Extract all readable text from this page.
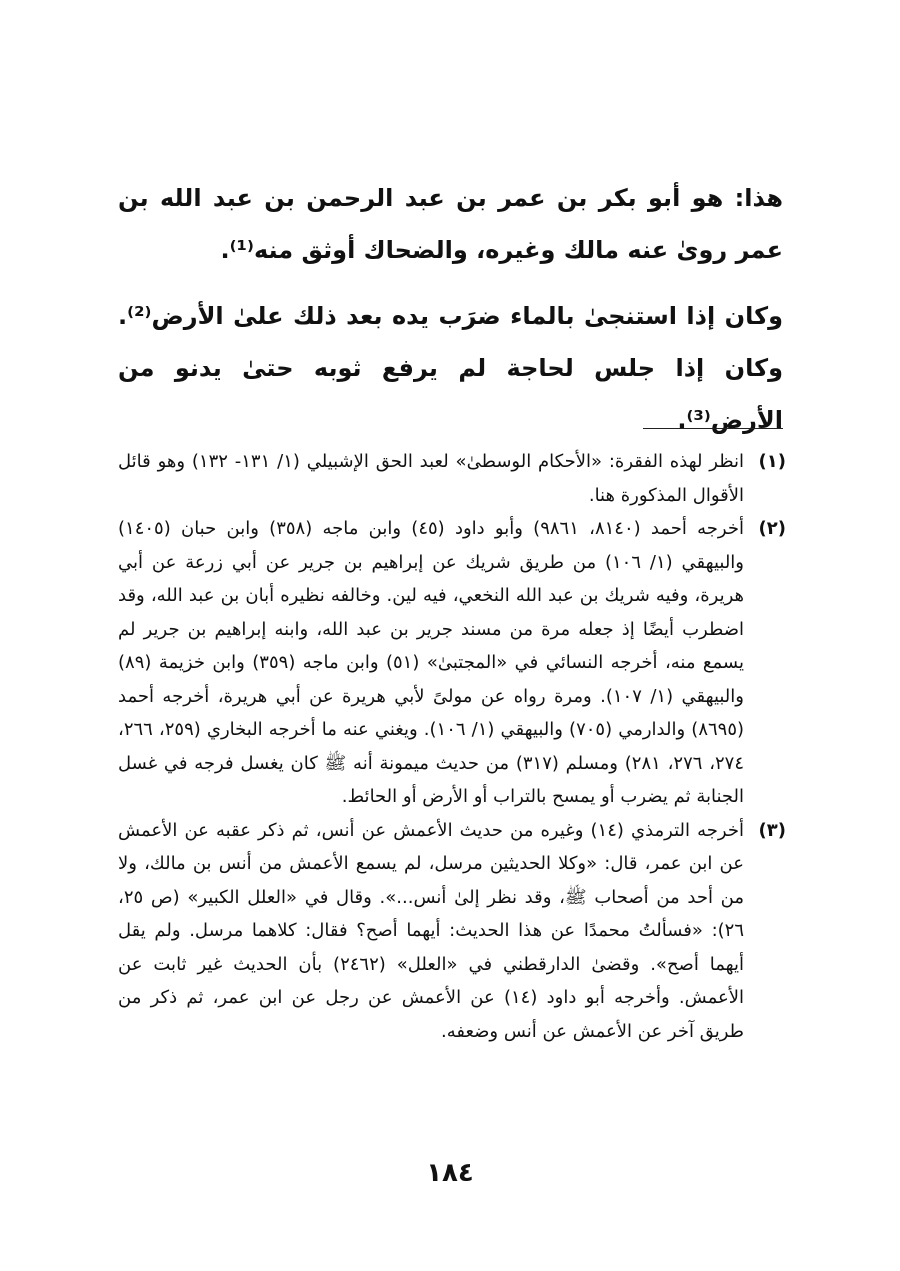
هذا: هو أبو بكر بن عمر بن عبد الرحمن بن عبد الله بن عمر روىٰ عنه مالك وغيره، والضحاك أوثق منه⁽¹⁾.

وكان إذا استنجىٰ بالماء ضرَب يده بعد ذلك علىٰ الأرض⁽²⁾. وكان إذا جلس لحاجة لم يرفع ثوبه حتىٰ يدنو من الأرض⁽³⁾.

(١)
انظر لهذه الفقرة: «الأحكام الوسطىٰ» لعبد الحق الإشبيلي (١/ ١٣١- ١٣٢) وهو قائل الأقوال المذكورة هنا.
(٢)
أخرجه أحمد (٨١٤٠، ٩٨٦١) وأبو داود (٤٥) وابن ماجه (٣٥٨) وابن حبان (١٤٠٥) والبيهقي (١/ ١٠٦) من طريق شريك عن إبراهيم بن جرير عن أبي زرعة عن أبي هريرة، وفيه شريك بن عبد الله النخعي، فيه لين. وخالفه نظيره أبان بن عبد الله، وقد اضطرب أيضًا إذ جعله مرة من مسند جرير بن عبد الله، وابنه إبراهيم بن جرير لم يسمع منه، أخرجه النسائي في «المجتبىٰ» (٥١) وابن ماجه (٣٥٩) وابن خزيمة (٨٩) والبيهقي (١/ ١٠٧). ومرة رواه عن مولىً لأبي هريرة عن أبي هريرة، أخرجه أحمد (٨٦٩٥) والدارمي (٧٠٥) والبيهقي (١/ ١٠٦). ويغني عنه ما أخرجه البخاري (٢٥٩، ٢٦٦، ٢٧٤، ٢٧٦، ٢٨١) ومسلم (٣١٧) من حديث ميمونة أنه ﷺ كان يغسل فرجه في غسل الجنابة ثم يضرب أو يمسح بالتراب أو الأرض أو الحائط.
(٣)
أخرجه الترمذي (١٤) وغيره من حديث الأعمش عن أنس، ثم ذكر عقبه عن الأعمش عن ابن عمر، قال: «وكلا الحديثين مرسل، لم يسمع الأعمش من أنس بن مالك، ولا من أحد من أصحاب ﷺ، وقد نظر إلىٰ أنس...». وقال في «العلل الكبير» (ص ٢٥، ٢٦): «فسألتُ محمدًا عن هذا الحديث: أيهما أصح؟ فقال: كلاهما مرسل. ولم يقل أيهما أصح». وقضىٰ الدارقطني في «العلل» (٢٤٦٢) بأن الحديث غير ثابت عن الأعمش. وأخرجه أبو داود (١٤) عن الأعمش عن رجل عن ابن عمر، ثم ذكر من طريق آخر عن الأعمش عن أنس وضعفه.
١٨٤
